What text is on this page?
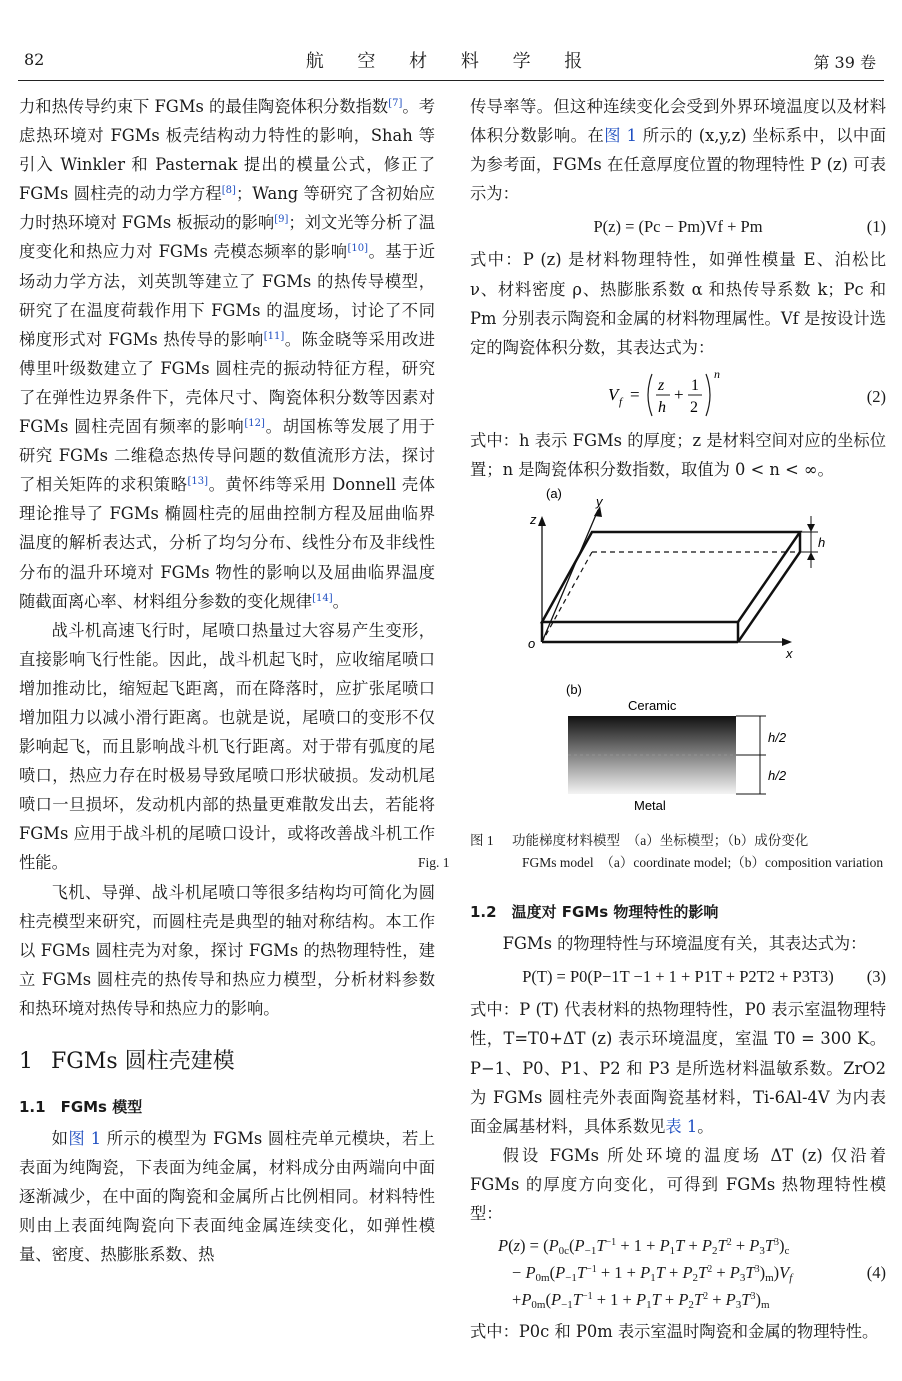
82	航 空 材 料 学 报	第 39 卷

力和热传导约束下 FGMs 的最佳陶瓷体积分数指数[7]。考虑热环境对 FGMs 板壳结构动力特性的影响，Shah 等引入 Winkler 和 Pasternak 提出的模量公式，修正了 FGMs 圆柱壳的动力学方程[8]；Wang 等研究了含初始应力时热环境对 FGMs 板振动的影响[9]；刘文光等分析了温度变化和热应力对 FGMs 壳模态频率的影响[10]。基于近场动力学方法，刘英凯等建立了 FGMs 的热传导模型，研究了在温度荷载作用下 FGMs 的温度场，讨论了不同梯度形式对 FGMs 热传导的影响[11]。陈金晓等采用改进傅里叶级数建立了 FGMs 圆柱壳的振动特征方程，研究了在弹性边界条件下，壳体尺寸、陶瓷体积分数等因素对 FGMs 圆柱壳固有频率的影响[12]。胡国栋等发展了用于研究 FGMs 二维稳态热传导问题的数值流形方法，探讨了相关矩阵的求积策略[13]。黄怀纬等采用 Donnell 壳体理论推导了 FGMs 椭圆柱壳的屈曲控制方程及屈曲临界温度的解析表达式，分析了均匀分布、线性分布及非线性分布的温升环境对 FGMs 物性的影响以及屈曲临界温度随截面离心率、材料组分参数的变化规律[14]。

战斗机高速飞行时，尾喷口热量过大容易产生变形，直接影响飞行性能。因此，战斗机起飞时，应收缩尾喷口增加推动比，缩短起飞距离，而在降落时，应扩张尾喷口增加阻力以减小滑行距离。也就是说，尾喷口的变形不仅影响起飞，而且影响战斗机飞行距离。对于带有弧度的尾喷口，热应力存在时极易导致尾喷口形状破损。发动机尾喷口一旦损坏，发动机内部的热量更难散发出去，若能将 FGMs 应用于战斗机的尾喷口设计，或将改善战斗机工作性能。

飞机、导弹、战斗机尾喷口等很多结构均可简化为圆柱壳模型来研究，而圆柱壳是典型的轴对称结构。本工作以 FGMs 圆柱壳为对象，探讨 FGMs 的热物理特性，建立 FGMs 圆柱壳的热传导和热应力模型，分析材料参数和热环境对热传导和热应力的影响。

1 FGMs 圆柱壳建模
1.1　FGMs 模型

如图 1 所示的模型为 FGMs 圆柱壳单元模块，若上表面为纯陶瓷，下表面为纯金属，材料成分由两端向中面逐渐减少，在中面的陶瓷和金属所占比例相同。材料特性则由上表面纯陶瓷向下表面纯金属连续变化，如弹性模量、密度、热膨胀系数、热

传导率等。但这种连续变化会受到外界环境温度以及材料体积分数影响。在图 1 所示的 (x,y,z) 坐标系中，以中面为参考面，FGMs 在任意厚度位置的物理特性 P (z) 可表示为：

P(z) = (Pc − Pm)Vf + Pm	(1)

式中：P (z) 是材料物理特性，如弹性模量 E、泊松比 ν、材料密度 ρ、热膨胀系数 α 和热传导系数 k；Pc 和 Pm 分别表示陶瓷和金属的材料物理属性。Vf 是按设计选定的陶瓷体积分数，其表达式为：

V f = z
h
+ 1
2
n
(2)

式中：h 表示 FGMs 的厚度；z 是材料空间对应的坐标位置；n 是陶瓷体积分数指数，取值为 0 < n < ∞。

(a)
z
y
x
o
h
(b)
Ceramic
Metal
h/2
h/2
图 1 功能梯度材料模型　（a）坐标模型；（b）成份变化
Fig. 1	FGMs model　（a）coordinate model;（b）composition variation
1.2　温度对 FGMs 物理特性的影响

FGMs 的物理特性与环境温度有关，其表达式为：

P(T) = P0(P−1T −1 + 1 + P1T + P2T2 + P3T3) (3)

式中：P (T) 代表材料的热物理特性，P0 表示室温物理特性，T=T0+ΔT (z) 表示环境温度，室温 T0 = 300 K。P−1、P0、P1、P2 和 P3 是所选材料温敏系数。ZrO2 为 FGMs 圆柱壳外表面陶瓷基材料，Ti-6Al-4V 为内表面金属基材料，具体系数见表 1。

假设 FGMs 所处环境的温度场 ΔT (z) 仅沿着 FGMs 的厚度方向变化，可得到 FGMs 热物理特性模型：

$P(z) = (P_{0c}(P_{-1}T^{-1} + 1 + P_1T + P_2T^2 + P_3T^3)_c$
− $P_{0m}(P_{-1}T^{-1} + 1 + P_1T + P_2T^2 + P_3T^3)_m)V_f$
$+P_{0m}(P_{-1}T^{-1} + 1 + P_1T + P_2T^2 + P_3T^3)_m$
(4)

式中：P0c 和 P0m 表示室温时陶瓷和金属的物理特性。
